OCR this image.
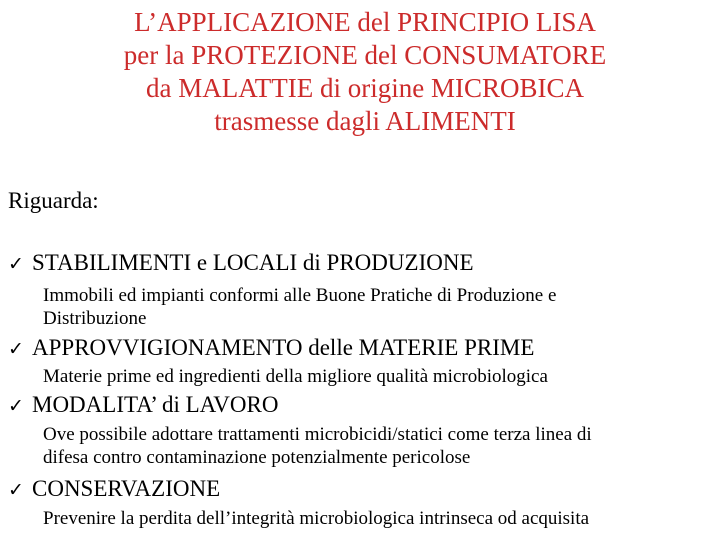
L’APPLICAZIONE del PRINCIPIO LISA
per la PROTEZIONE del CONSUMATORE
da MALATTIE di origine MICROBICA
trasmesse dagli ALIMENTI
Riguarda:
✓ STABILIMENTI e LOCALI di PRODUZIONE
Immobili ed impianti conformi alle Buone Pratiche di Produzione e
Distribuzione
✓ APPROVVIGIONAMENTO delle MATERIE PRIME
Materie prime ed ingredienti della migliore qualità microbiologica
✓ MODALITA’ di LAVORO
Ove possibile adottare trattamenti microbicidi/statici come terza linea di
difesa contro contaminazione potenzialmente pericolose
✓ CONSERVAZIONE
Prevenire la perdita dell’integrità microbiologica intrinseca od acquisita
